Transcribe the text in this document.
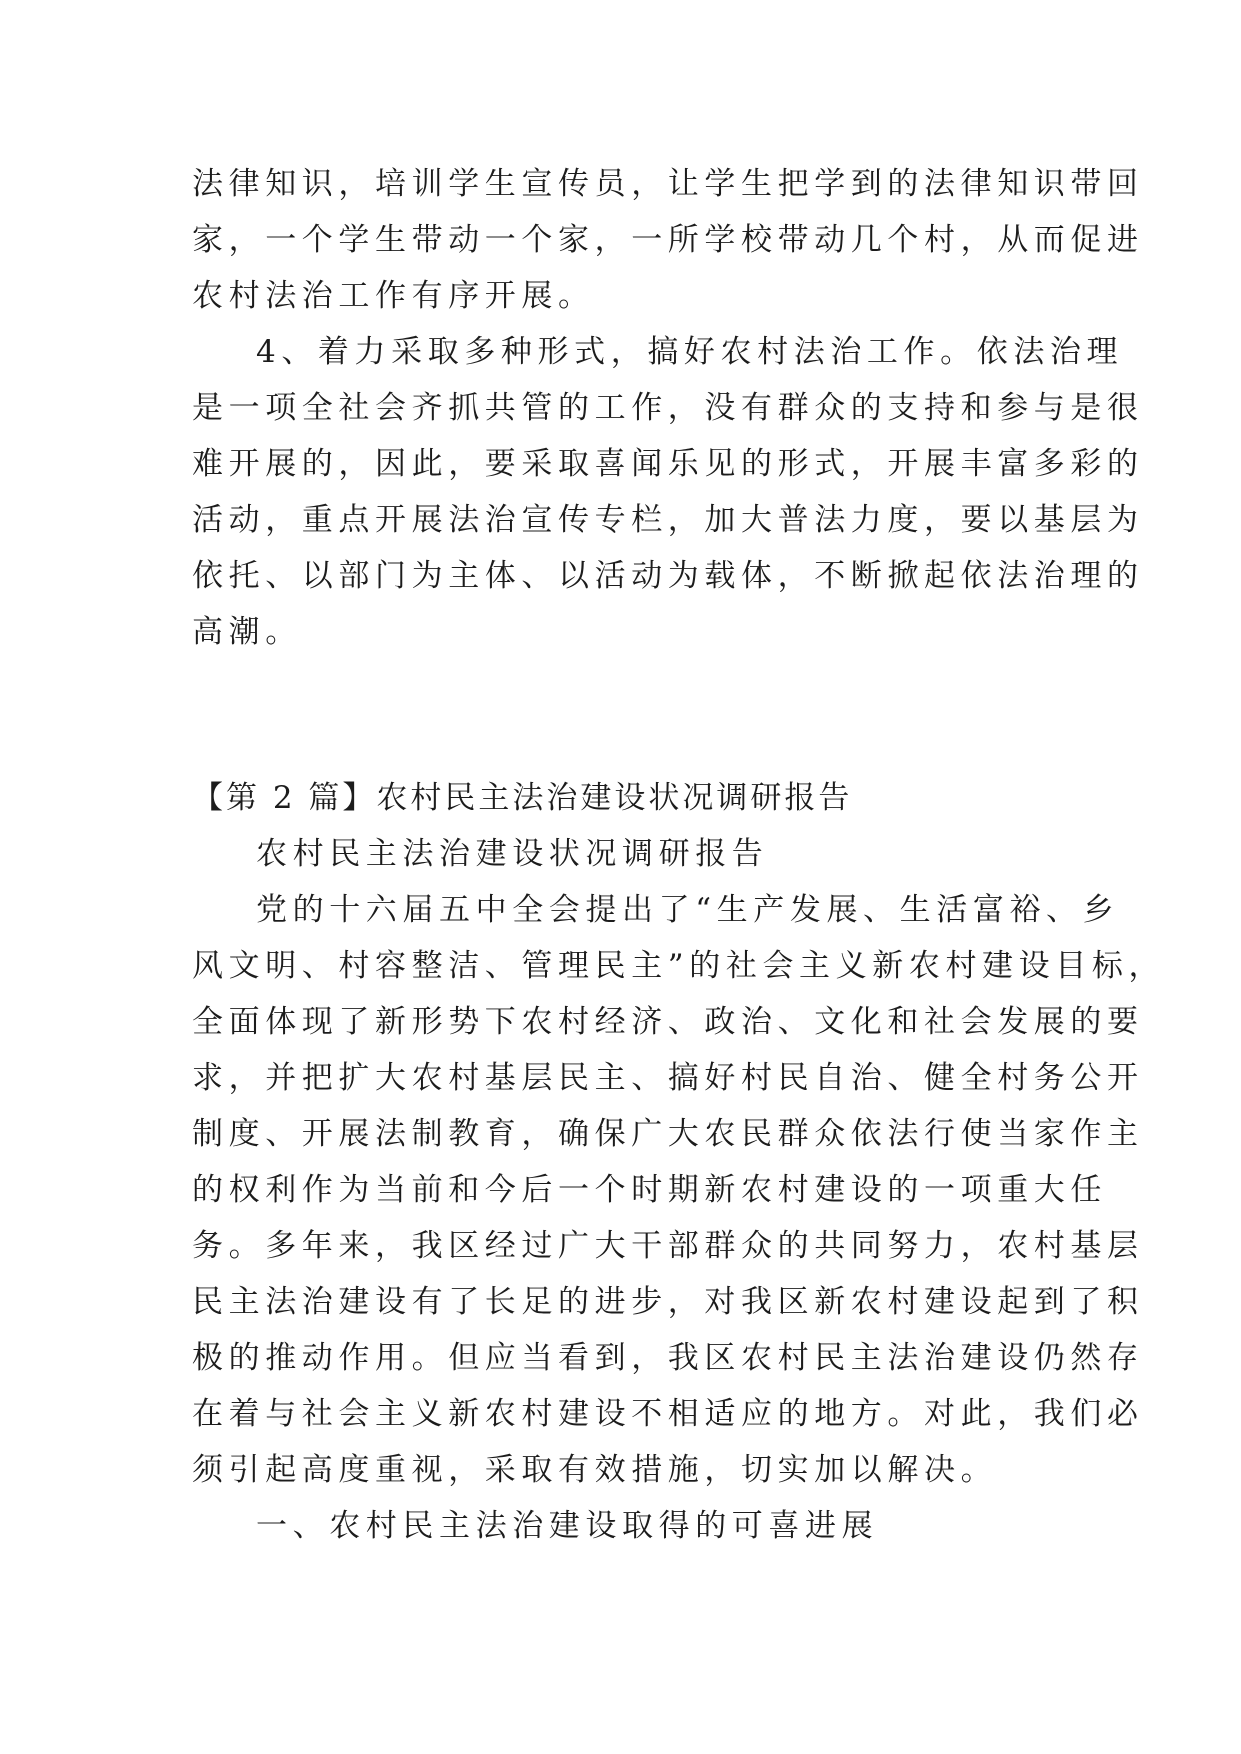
法律知识，培训学生宣传员，让学生把学到的法律知识带回
家，一个学生带动一个家，一所学校带动几个村，从而促进
农村法治工作有序开展。
4、着力采取多种形式，搞好农村法治工作。依法治理
是一项全社会齐抓共管的工作，没有群众的支持和参与是很
难开展的，因此，要采取喜闻乐见的形式，开展丰富多彩的
活动，重点开展法治宣传专栏，加大普法力度，要以基层为
依托、以部门为主体、以活动为载体，不断掀起依法治理的
高潮。
【第 2 篇】农村民主法治建设状况调研报告
农村民主法治建设状况调研报告
党的十六届五中全会提出了“生产发展、生活富裕、乡
风文明、村容整洁、管理民主”的社会主义新农村建设目标，
全面体现了新形势下农村经济、政治、文化和社会发展的要
求，并把扩大农村基层民主、搞好村民自治、健全村务公开
制度、开展法制教育，确保广大农民群众依法行使当家作主
的权利作为当前和今后一个时期新农村建设的一项重大任
务。多年来，我区经过广大干部群众的共同努力，农村基层
民主法治建设有了长足的进步，对我区新农村建设起到了积
极的推动作用。但应当看到，我区农村民主法治建设仍然存
在着与社会主义新农村建设不相适应的地方。对此，我们必
须引起高度重视，采取有效措施，切实加以解决。
一、农村民主法治建设取得的可喜进展
